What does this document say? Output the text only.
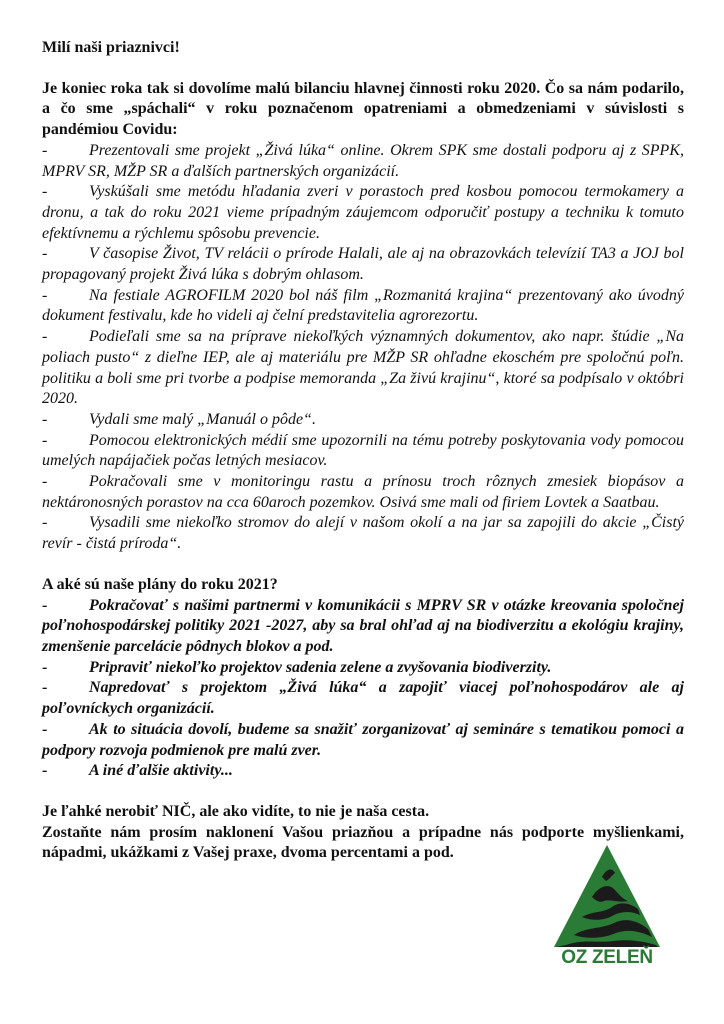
Milí naši priaznivci!

Je koniec roka tak si dovolíme malú bilanciu hlavnej činnosti roku 2020. Čo sa nám podarilo, a čo sme „spáchali“ v roku poznačenom opatreniami a obmedzeniami v súvislosti s pandémiou Covidu:

-	Prezentovali sme projekt „Živá lúka“ online. Okrem SPK sme dostali podporu aj z SPPK, MPRV SR, MŽP SR a ďalších partnerských organizácií.
-	Vyskúšali sme metódu hľadania zveri v porastoch pred kosbou pomocou termokamery a dronu, a tak do roku 2021 vieme prípadným záujemcom odporučiť postupy a techniku k tomuto efektívnemu a rýchlemu spôsobu prevencie.
-	V časopise Život, TV relácii o prírode Halali, ale aj na obrazovkách televízií TA3 a JOJ bol propagovaný projekt Živá lúka s dobrým ohlasom.
-	Na festiale AGROFILM 2020 bol náš film „Rozmanitá krajina“ prezentovaný ako úvodný dokument festivalu, kde ho videli aj čelní predstavitelia agrorezortu.
-	Podieľali sme sa na príprave niekoľkých významných dokumentov, ako napr. štúdie „Na poliach pusto“ z dieľne IEP, ale aj materiálu pre MŽP SR ohľadne ekoschém pre spoločnú poľn. politiku a boli sme pri tvorbe a podpise memoranda „Za živú krajinu“, ktoré sa podpísalo v októbri 2020.
-	Vydali sme malý „Manuál o pôde“.
-	Pomocou elektronických médií sme upozornili na tému potreby poskytovania vody pomocou umelých napájačiek počas letných mesiacov.
-	Pokračovali sme v monitoringu rastu a prínosu troch rôznych zmesiek biopásov a nektáronosných porastov na cca 60aroch pozemkov. Osivá sme mali od firiem Lovtek a Saatbau.
-	Vysadili sme niekoľko stromov do alejí v našom okolí a na jar sa zapojili do akcie „Čistý revír - čistá príroda“.

A aké sú naše plány do roku 2021?

-	Pokračovať s našimi partnermi v komunikácii s MPRV SR v otázke kreovania spoločnej poľnohospodárskej politiky 2021 -2027, aby sa bral ohľad aj na biodiverzitu a ekológiu krajiny, zmenšenie parcelácie pôdnych blokov a pod.
-	Pripraviť niekoľko projektov sadenia zelene a zvyšovania biodiverzity.
-	Napredovať s projektom „Živá lúka“ a zapojiť viacej poľnohospodárov ale aj poľovníckych organizácií.
-	Ak to situácia dovolí, budeme sa snažiť zorganizovať aj semináre s tematikou pomoci a podpory rozvoja podmienok pre malú zver.
-	A iné ďalšie aktivity...

Je ľahké nerobiť NIČ, ale ako vidíte, to nie je naša cesta.

Zostaňte nám prosím naklonení Vašou priazňou a prípadne nás podporte myšlienkami, nápadmi, ukážkami z Vašej praxe, dvoma percentami a pod.

OZ ZELEŇ
